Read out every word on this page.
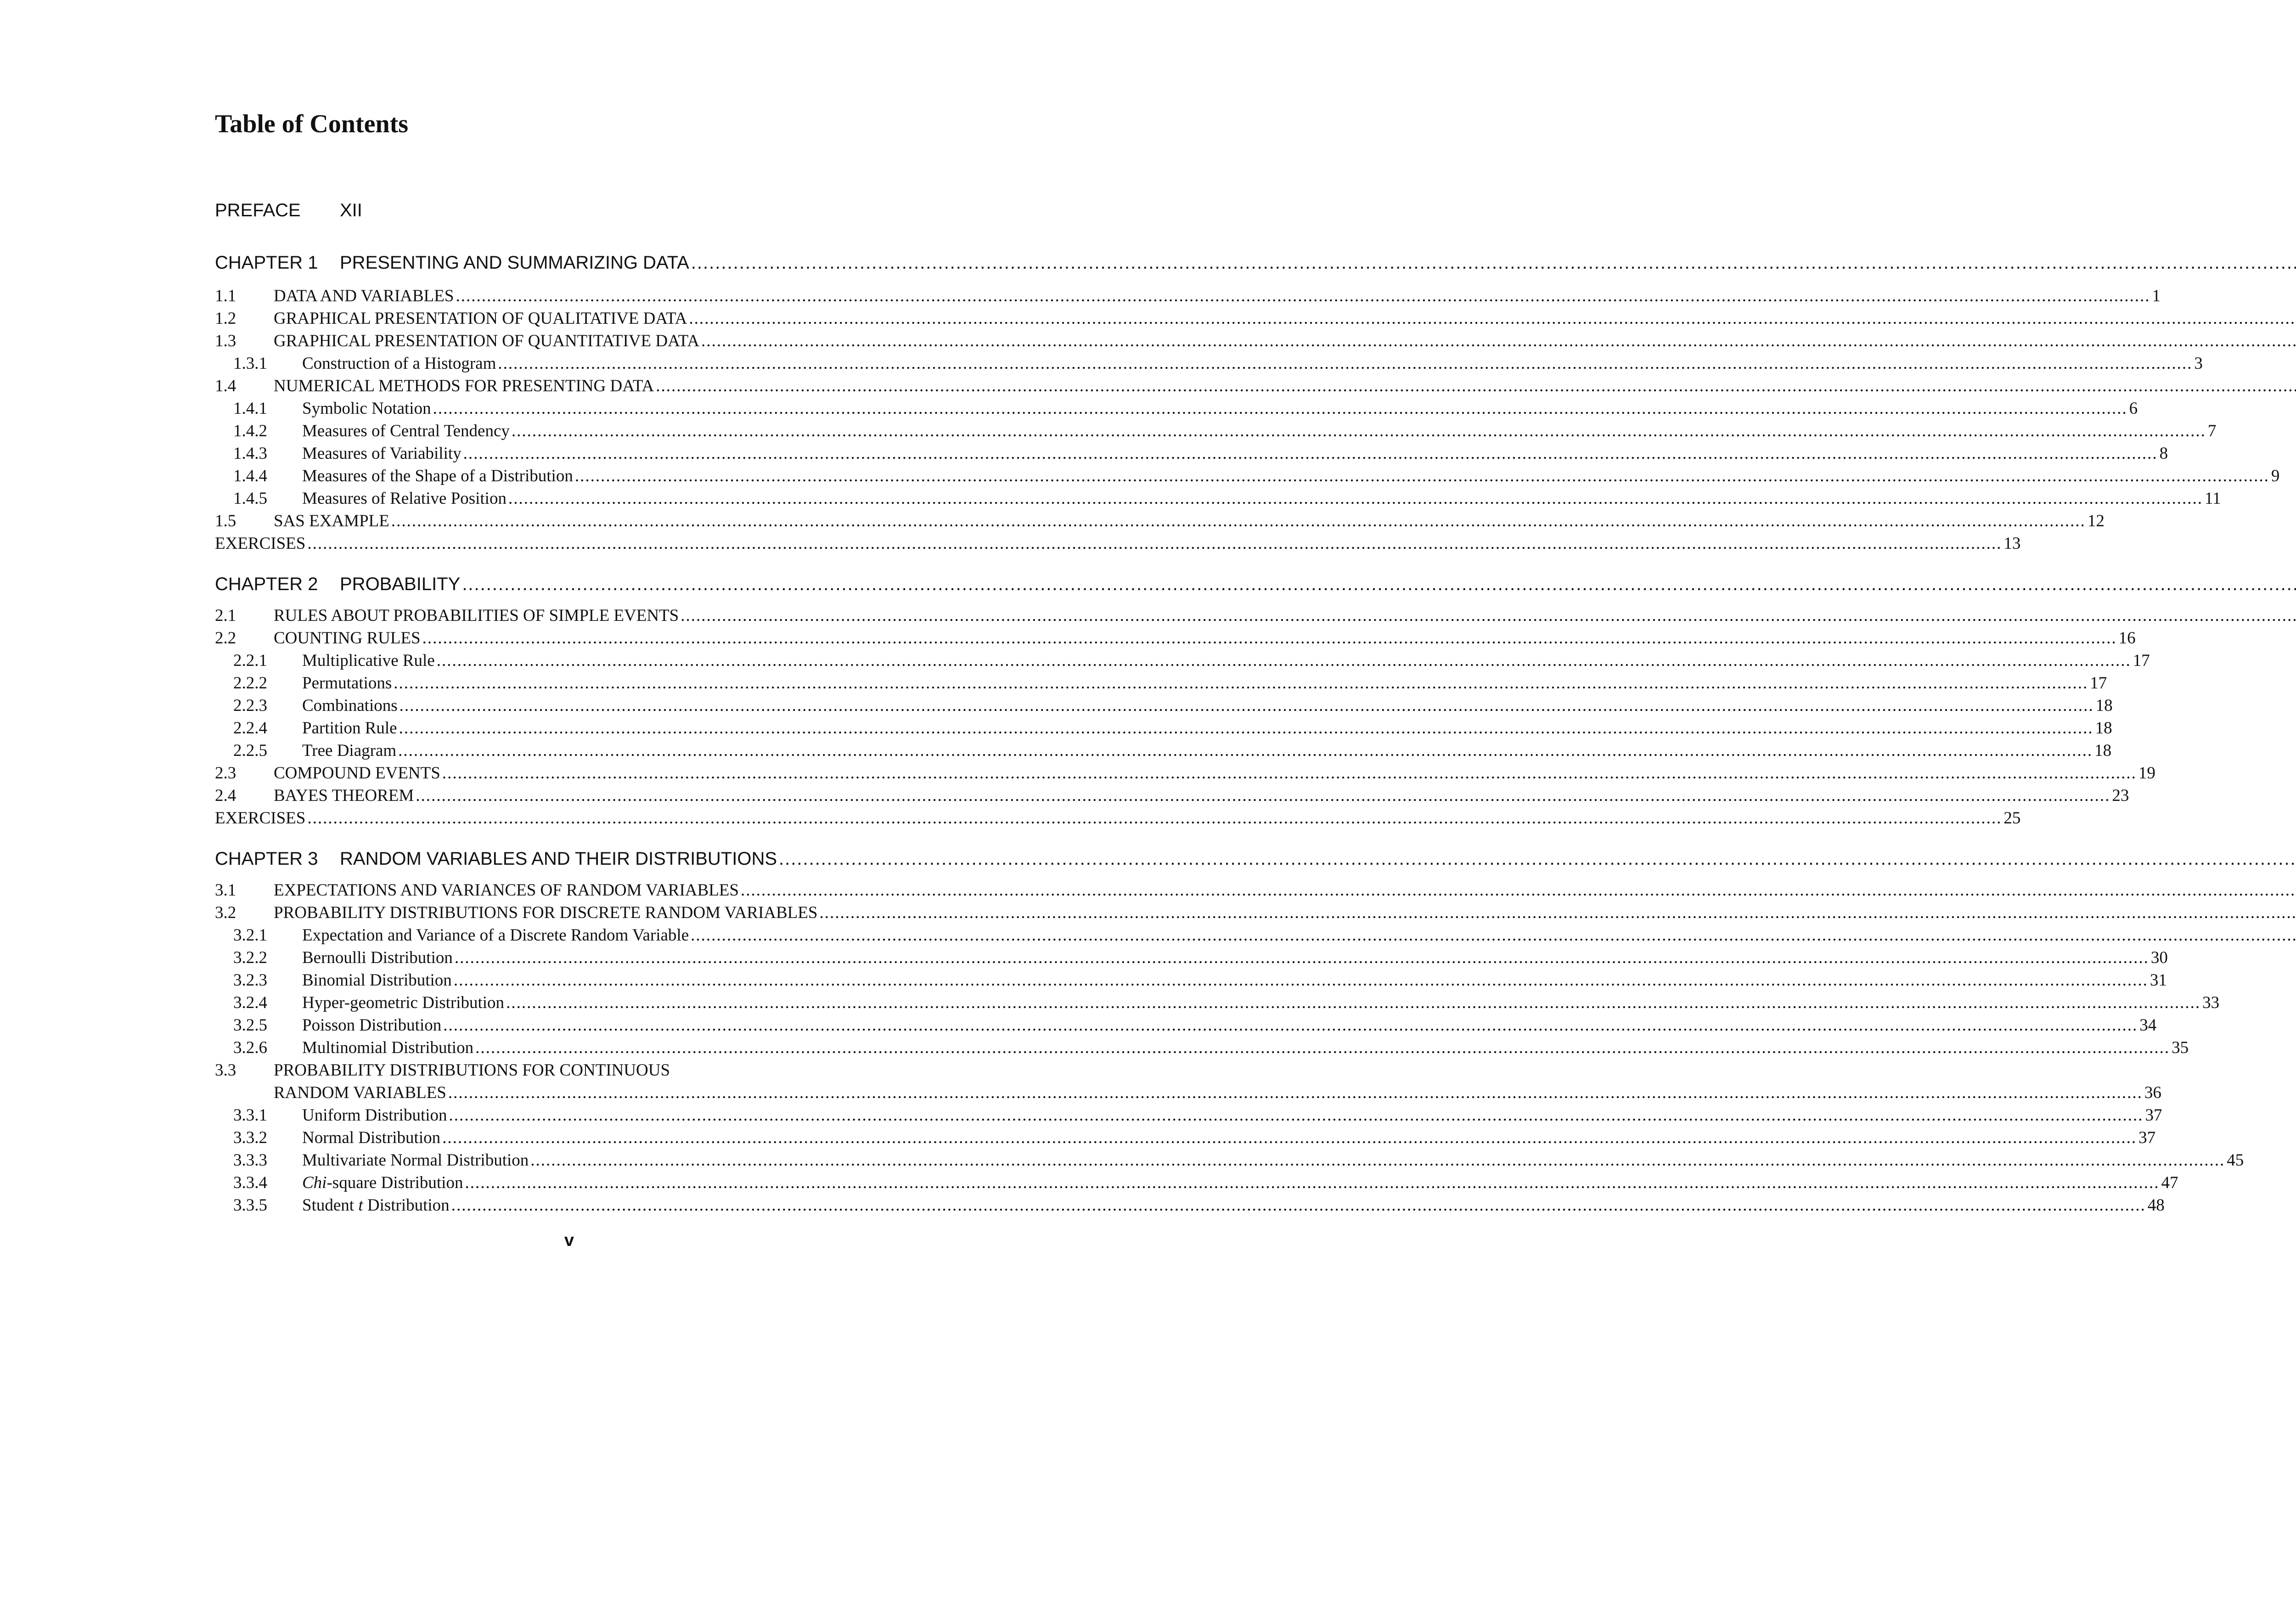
Table of Contents
PREFACE	XII
CHAPTER 1	PRESENTING AND SUMMARIZING DATA
.....
1.1	DATA AND VARIABLES .....	1
1.2	GRAPHICAL PRESENTATION OF QUALITATIVE DATA
.....
1.3	GRAPHICAL PRESENTATION OF QUANTITATIVE DATA
.....
1.3.1	Construction of a Histogram .....	3
1.4	NUMERICAL METHODS FOR PRESENTING DATA
.....
1.4.1	Symbolic Notation .....	6
1.4.2	Measures of Central Tendency .....	7
1.4.3	Measures of Variability .....	8
1.4.4	Measures of the Shape of a Distribution .....	9
1.4.5	Measures of Relative Position .....	11
1.5	SAS EXAMPLE .....	12
EXERCISES .....	13
CHAPTER 2	PROBABILITY
.....
2.1	RULES ABOUT PROBABILITIES OF SIMPLE EVENTS
.....
2.2	COUNTING RULES .....	16
2.2.1	Multiplicative Rule .....	17
2.2.2	Permutations .....	17
2.2.3	Combinations .....	18
2.2.4	Partition Rule .....	18
2.2.5	Tree Diagram .....	18
2.3	COMPOUND EVENTS .....	19
2.4	BAYES THEOREM .....	23
EXERCISES .....	25
CHAPTER 3	RANDOM VARIABLES AND THEIR DISTRIBUTIONS
.....
3.1	EXPECTATIONS AND VARIANCES OF RANDOM VARIABLES
.....
3.2	PROBABILITY DISTRIBUTIONS FOR DISCRETE RANDOM VARIABLES
.....
3.2.1	Expectation and Variance of a Discrete Random Variable
.....
3.2.2	Bernoulli Distribution .....	30
3.2.3	Binomial Distribution .....	31
3.2.4	Hyper-geometric Distribution .....	33
3.2.5	Poisson Distribution .....	34
3.2.6	Multinomial Distribution .....	35
3.3	PROBABILITY DISTRIBUTIONS FOR CONTINUOUS
RANDOM VARIABLES .....	36
3.3.1	Uniform Distribution .....	37
3.3.2	Normal Distribution .....	37
3.3.3	Multivariate Normal Distribution .....	45
3.3.4	Chi-square Distribution .....	47
3.3.5	Student t Distribution .....	48
v
